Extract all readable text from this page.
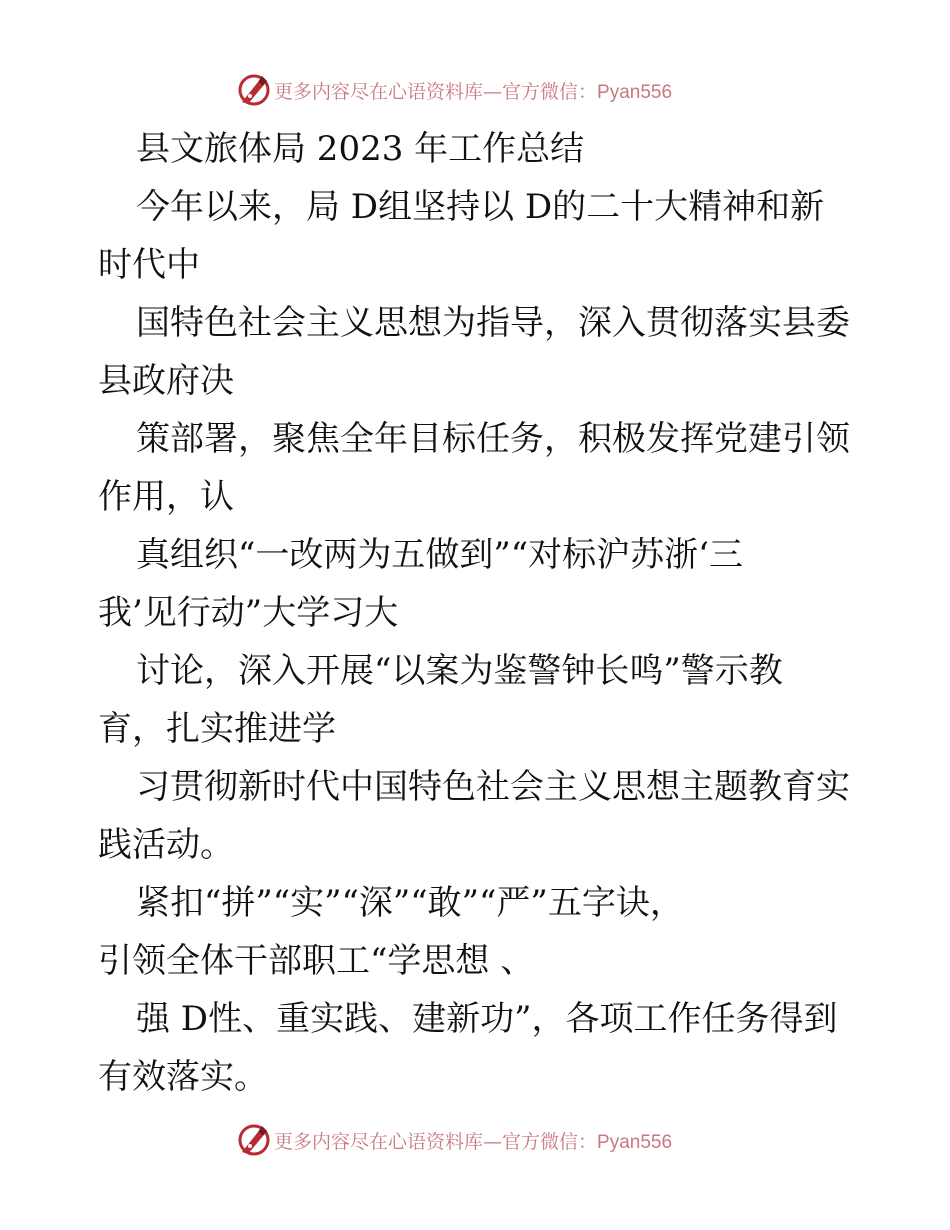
更多内容尽在心语资料库—官方微信：Pyan556
县文旅体局 2023 年工作总结
今年以来，局 D组坚持以 D的二十大精神和新
时代中
国特色社会主义思想为指导，深入贯彻落实县委
县政府决
策部署，聚焦全年目标任务，积极发挥党建引领
作用，认
真组织“一改两为五做到”“对标沪苏浙‘三
我’见行动”大学习大
讨论，深入开展“以案为鉴警钟长鸣”警示教
育，扎实推进学
习贯彻新时代中国特色社会主义思想主题教育实
践活动。
紧扣“拼”“实”“深”“敢”“严”五字诀，
引领全体干部职工“学思想 、
强 D性、重实践、建新功”，各项工作任务得到
有效落实。
更多内容尽在心语资料库—官方微信：Pyan556
